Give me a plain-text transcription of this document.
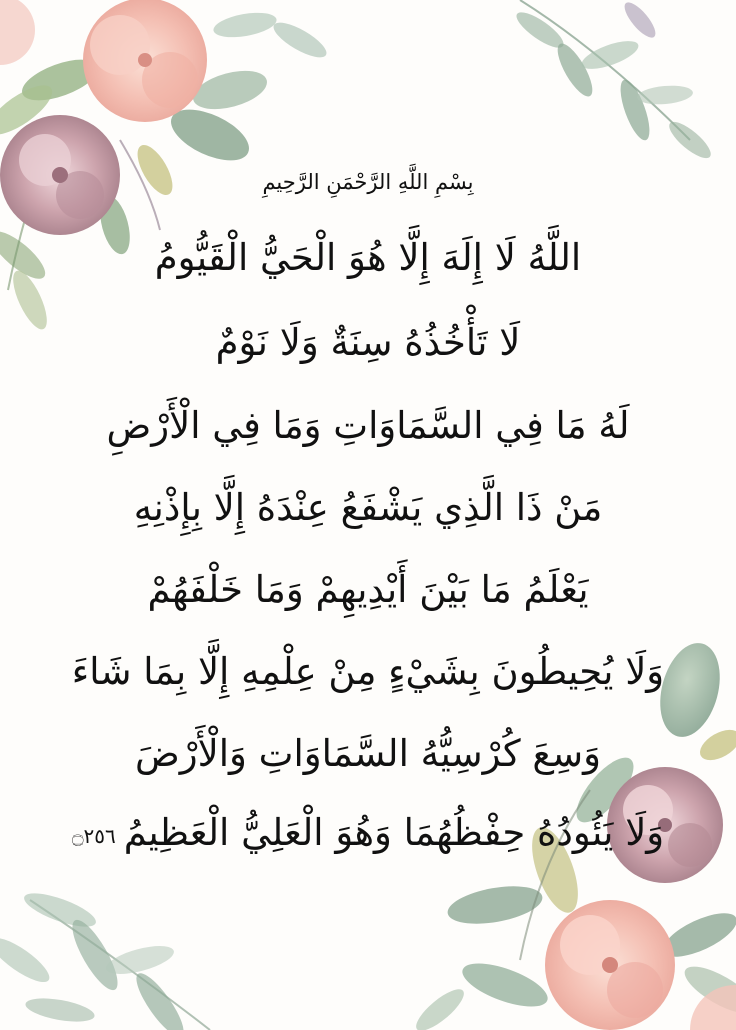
بِسْمِ اللَّهِ الرَّحْمَنِ الرَّحِيمِ
اللَّهُ لَا إِلَهَ إِلَّا هُوَ الْحَيُّ الْقَيُّومُ
لَا تَأْخُذُهُ سِنَةٌ وَلَا نَوْمٌ
لَهُ مَا فِي السَّمَاوَاتِ وَمَا فِي الْأَرْضِ
مَنْ ذَا الَّذِي يَشْفَعُ عِنْدَهُ إِلَّا بِإِذْنِهِ
يَعْلَمُ مَا بَيْنَ أَيْدِيهِمْ وَمَا خَلْفَهُمْ
وَلَا يُحِيطُونَ بِشَيْءٍ مِنْ عِلْمِهِ إِلَّا بِمَا شَاءَ
وَسِعَ كُرْسِيُّهُ السَّمَاوَاتِ وَالْأَرْضَ
وَلَا يَئُودُهُ حِفْظُهُمَا وَهُوَ الْعَلِيُّ الْعَظِيمُ۝٢٥٦
